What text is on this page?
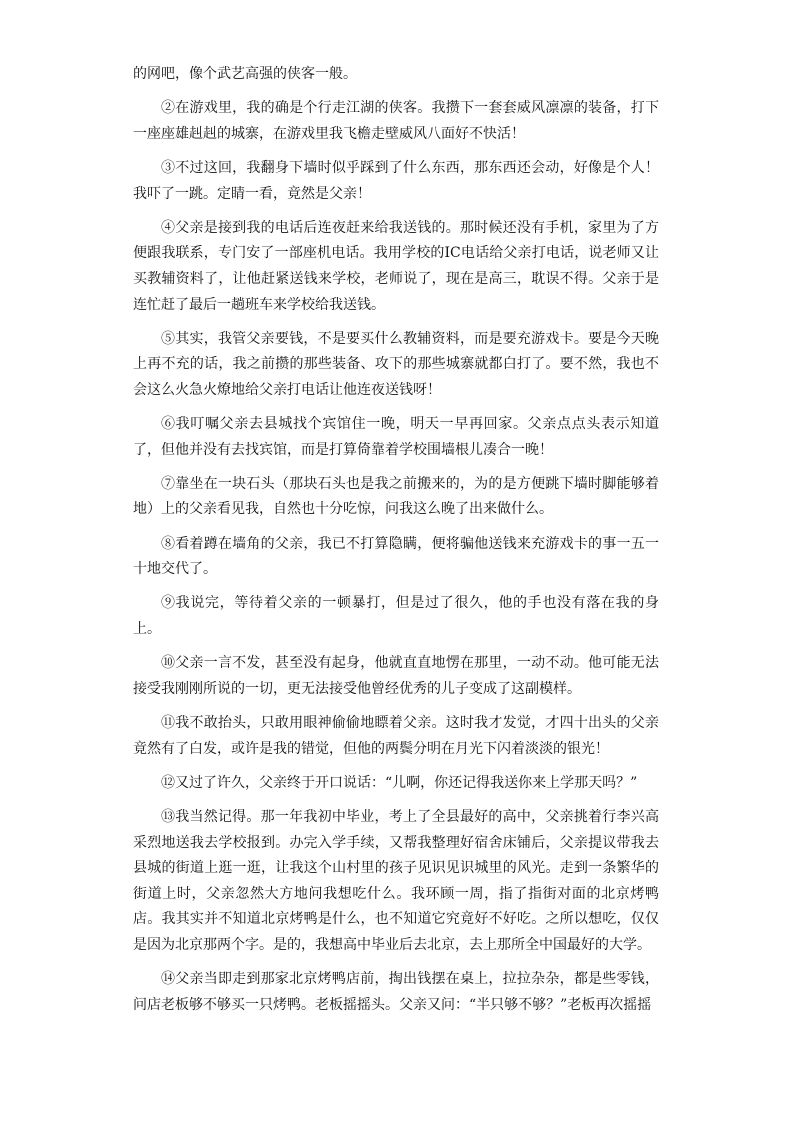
的网吧，像个武艺高强的侠客一般。

②在游戏里，我的确是个行走江湖的侠客。我攒下一套套威风凛凛的装备，打下一座座雄赳赳的城寨，在游戏里我飞檐走壁威风八面好不快活！

③不过这回，我翻身下墙时似乎踩到了什么东西，那东西还会动，好像是个人！我吓了一跳。定睛一看，竟然是父亲！

④父亲是接到我的电话后连夜赶来给我送钱的。那时候还没有手机，家里为了方便跟我联系，专门安了一部座机电话。我用学校的IC电话给父亲打电话，说老师又让买教辅资料了，让他赶紧送钱来学校，老师说了，现在是高三，耽误不得。父亲于是连忙赶了最后一趟班车来学校给我送钱。

⑤其实，我管父亲要钱，不是要买什么教辅资料，而是要充游戏卡。要是今天晚上再不充的话，我之前攒的那些装备、攻下的那些城寨就都白打了。要不然，我也不会这么火急火燎地给父亲打电话让他连夜送钱呀！

⑥我叮嘱父亲去县城找个宾馆住一晚，明天一早再回家。父亲点点头表示知道了，但他并没有去找宾馆，而是打算倚靠着学校围墙根儿凑合一晚！

⑦靠坐在一块石头（那块石头也是我之前搬来的，为的是方便跳下墙时脚能够着地）上的父亲看见我，自然也十分吃惊，问我这么晚了出来做什么。

⑧看着蹲在墙角的父亲，我已不打算隐瞒，便将骗他送钱来充游戏卡的事一五一十地交代了。

⑨我说完，等待着父亲的一顿暴打，但是过了很久，他的手也没有落在我的身上。

⑩父亲一言不发，甚至没有起身，他就直直地愣在那里，一动不动。他可能无法接受我刚刚所说的一切，更无法接受他曾经优秀的儿子变成了这副模样。

⑪我不敢抬头，只敢用眼神偷偷地瞟着父亲。这时我才发觉，才四十出头的父亲竟然有了白发，或许是我的错觉，但他的两鬓分明在月光下闪着淡淡的银光！

⑫又过了许久，父亲终于开口说话：“儿啊，你还记得我送你来上学那天吗？”

⑬我当然记得。那一年我初中毕业，考上了全县最好的高中，父亲挑着行李兴高采烈地送我去学校报到。办完入学手续，又帮我整理好宿舍床铺后，父亲提议带我去县城的街道上逛一逛，让我这个山村里的孩子见识见识城里的风光。走到一条繁华的街道上时，父亲忽然大方地问我想吃什么。我环顾一周，指了指街对面的北京烤鸭店。我其实并不知道北京烤鸭是什么，也不知道它究竟好不好吃。之所以想吃，仅仅是因为北京那两个字。是的，我想高中毕业后去北京，去上那所全中国最好的大学。

⑭父亲当即走到那家北京烤鸭店前，掏出钱摆在桌上，拉拉杂杂，都是些零钱，问店老板够不够买一只烤鸭。老板摇摇头。父亲又问：“半只够不够？”老板再次摇摇
